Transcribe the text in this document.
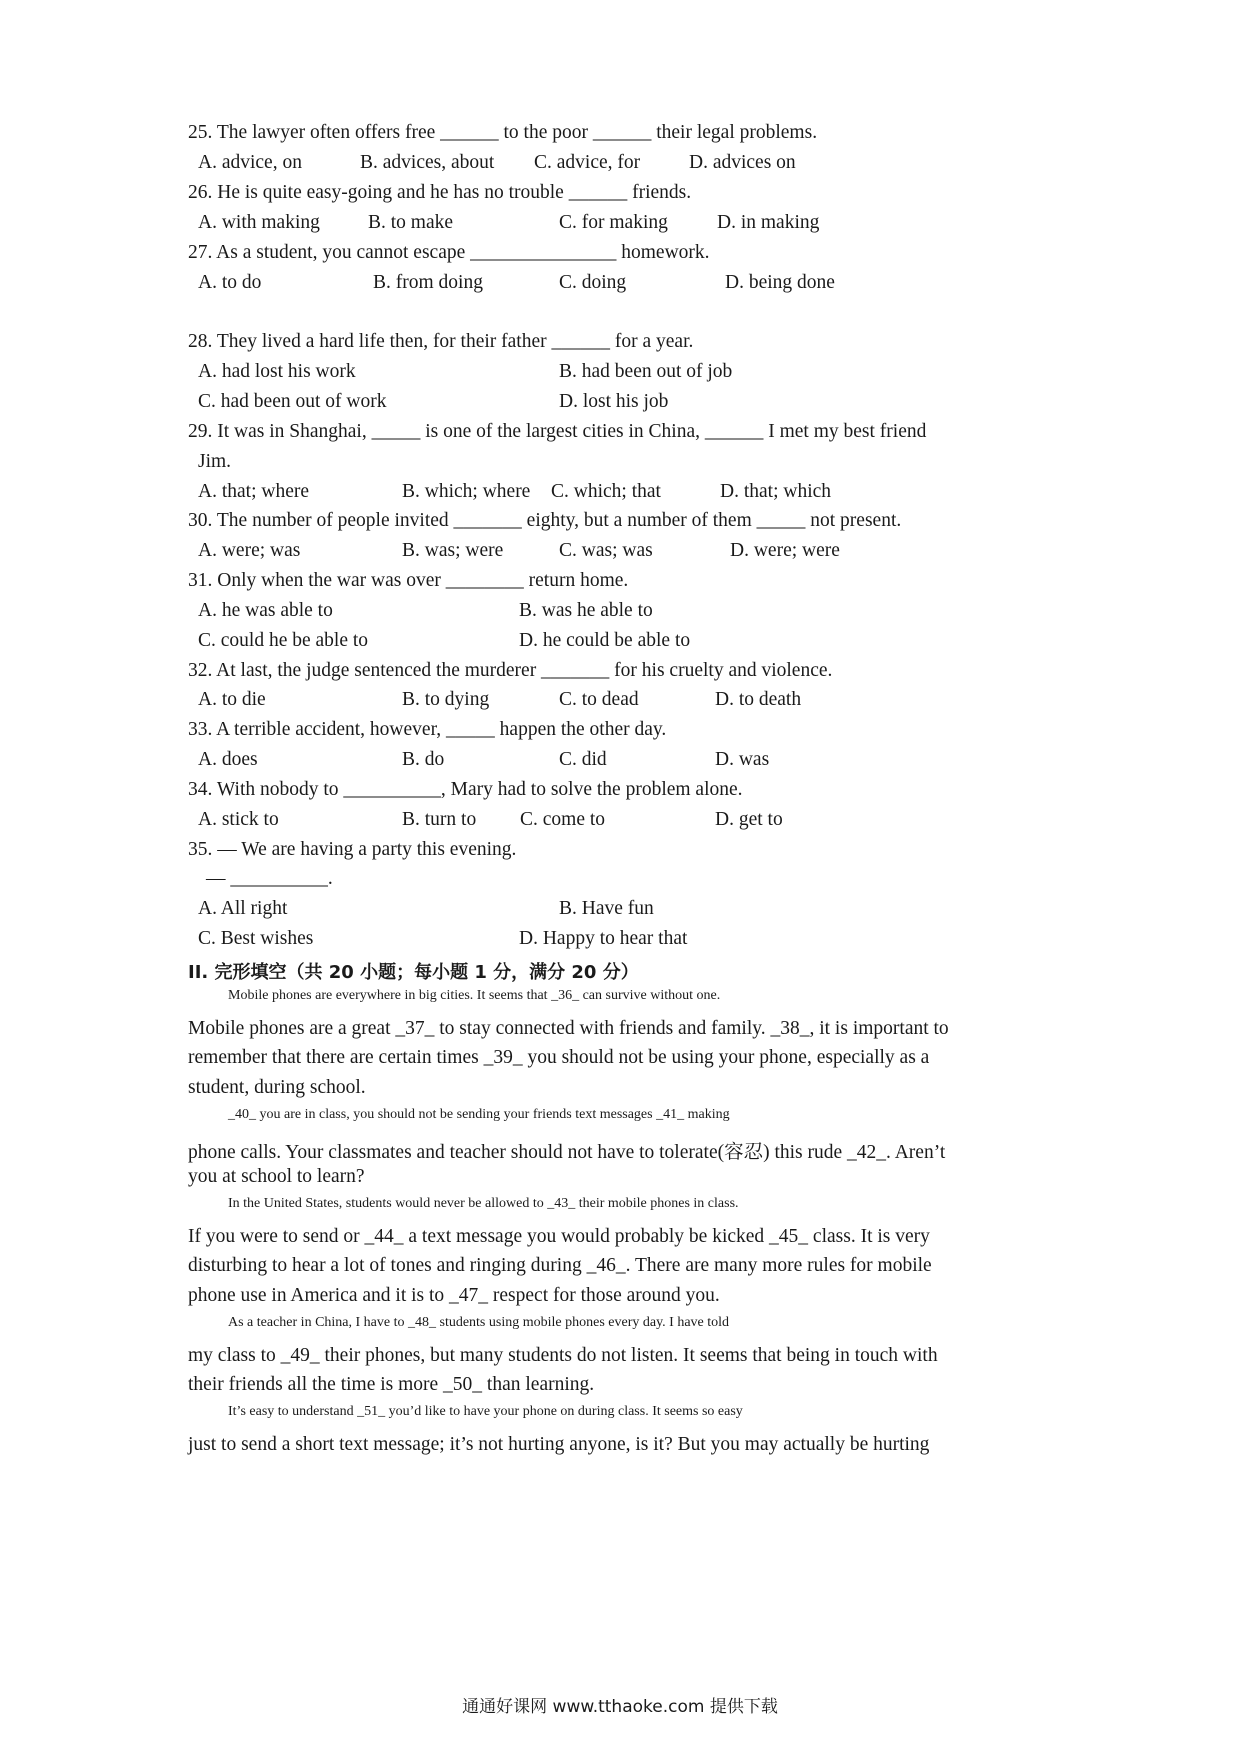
25. The lawyer often offers free ______ to the poor ______ their legal problems.
A. advice, on	B. advices, about C. advice, for	D. advices on
26. He is quite easy-going and he has no trouble ______ friends.
A. with making B. to make	C. for making	D. in making
27. As a student, you cannot escape _______________ homework.
A. to do	B. from doing	C. doing	D. being done
28. They lived a hard life then, for their father ______ for a year.
A. had lost his work	B. had been out of job
C. had been out of work	D. lost his job
29. It was in Shanghai, _____ is one of the largest cities in China, ______ I met my best friend
Jim.
A. that; where	B. which; where C. which; that	D. that; which
30. The number of people invited _______ eighty, but a number of them _____ not present.
A. were; was	B. was; were	C. was; was	D. were; were
31. Only when the war was over ________ return home.
A. he was able to	B. was he able to
C. could he be able to	D. he could be able to
32. At last, the judge sentenced the murderer _______ for his cruelty and violence.
A. to die	B. to dying	C. to dead	D. to death
33. A terrible accident, however, _____ happen the other day.
A. does	B. do	C. did	D. was
34. With nobody to __________, Mary had to solve the problem alone.
A. stick to	B. turn to C. come to	D. get to
35. — We are having a party this evening.
— __________.
A. All right	B. Have fun
C. Best wishes	D. Happy to hear that
II. 完形填空（共 20 小题；每小题 1 分，满分 20 分）
Mobile phones are everywhere in big cities. It seems that _36_ can survive without one.
Mobile phones are a great _37_ to stay connected with friends and family. _38_, it is important to
remember that there are certain times _39_ you should not be using your phone, especially as a
student, during school.
_40_ you are in class, you should not be sending your friends text messages _41_ making
phone calls. Your classmates and teacher should not have to tolerate(容忍) this rude _42_. Aren’t
you at school to learn?
In the United States, students would never be allowed to _43_ their mobile phones in class.
If you were to send or _44_ a text message you would probably be kicked _45_ class. It is very
disturbing to hear a lot of tones and ringing during _46_. There are many more rules for mobile
phone use in America and it is to _47_ respect for those around you.
As a teacher in China, I have to _48_ students using mobile phones every day. I have told
my class to _49_ their phones, but many students do not listen. It seems that being in touch with
their friends all the time is more _50_ than learning.
It’s easy to understand _51_ you’d like to have your phone on during class. It seems so easy
just to send a short text message; it’s not hurting anyone, is it? But you may actually be hurting
通通好课网 www.tthaoke.com 提供下载
